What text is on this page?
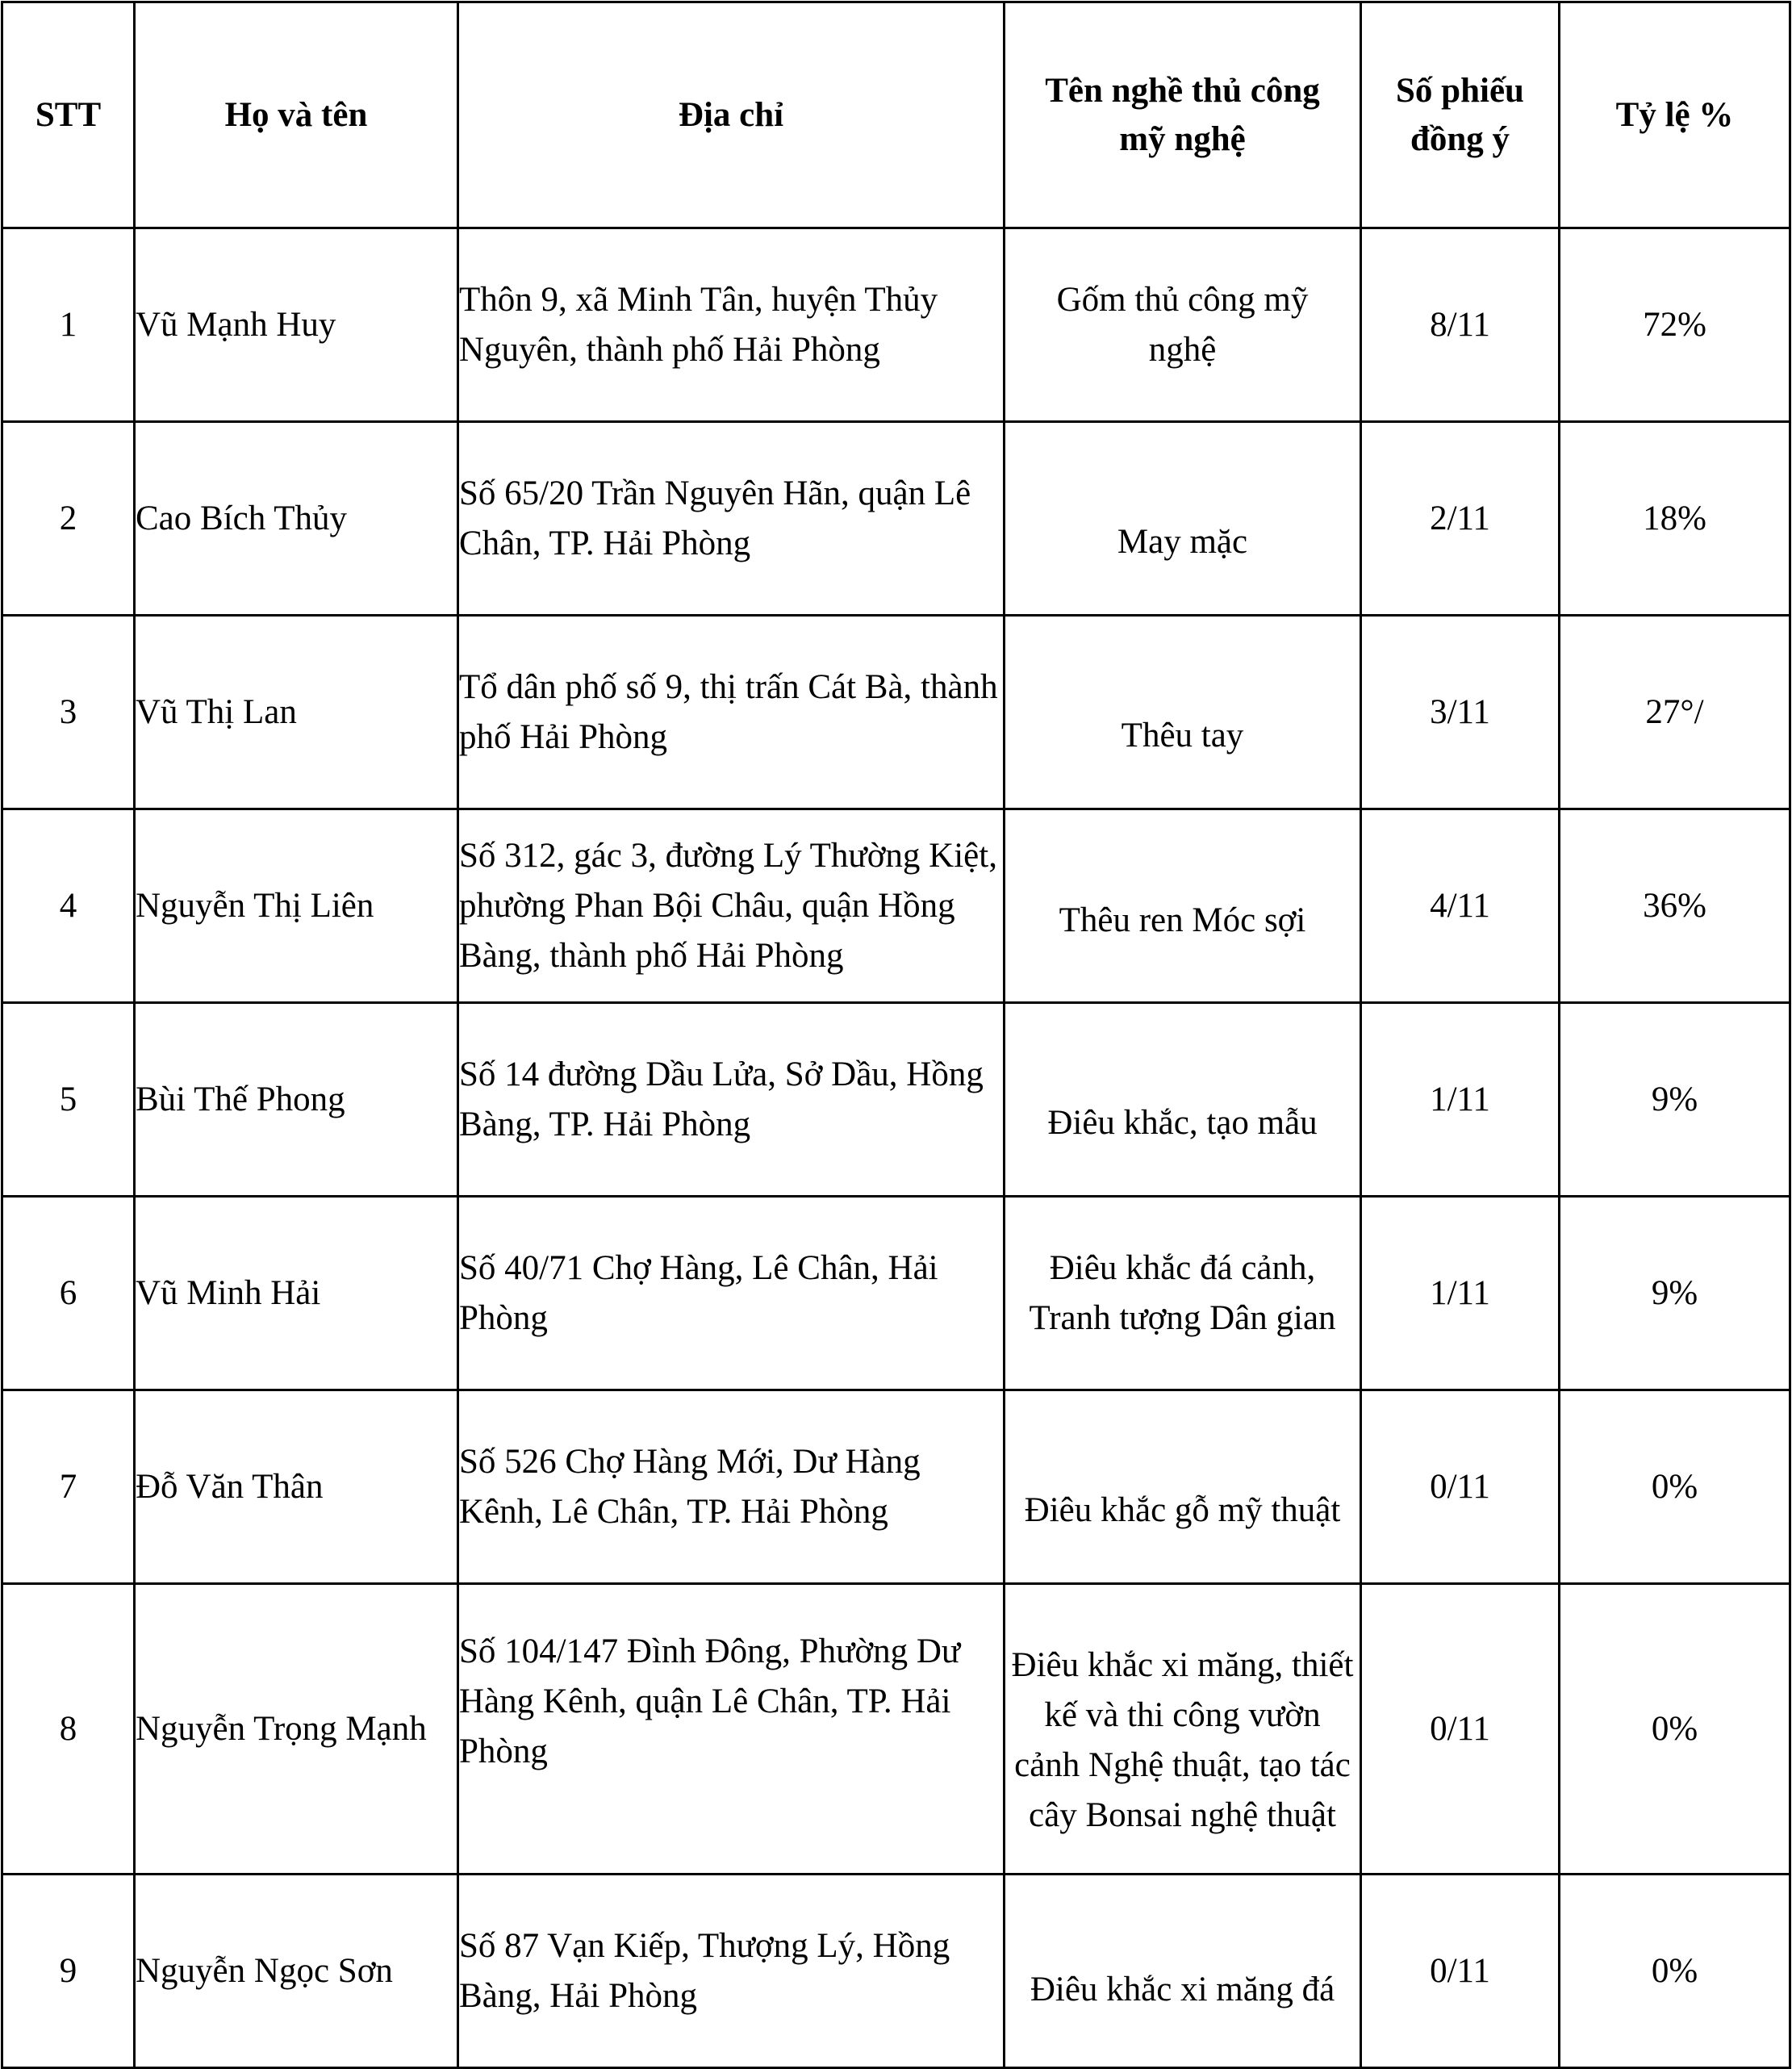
STT	Họ và tên	Địa chỉ	Tên nghề thủ công mỹ nghệ	Số phiếu đồng ý	Tỷ lệ %
1	Vũ Mạnh Huy	Thôn 9, xã Minh Tân, huyện Thủy Nguyên, thành phố Hải Phòng	Gốm thủ công mỹ nghệ	8/11	72%
2	Cao Bích Thủy	Số 65/20 Trần Nguyên Hãn, quận Lê Chân, TP. Hải Phòng	May mặc	2/11	18%
3	Vũ Thị Lan	Tổ dân phố số 9, thị trấn Cát Bà, thành phố Hải Phòng	Thêu tay	3/11	27°/
4	Nguyễn Thị Liên	Số 312, gác 3, đường Lý Thường Kiệt, phường Phan Bội Châu, quận Hồng Bàng, thành phố Hải Phòng	Thêu ren Móc sợi	4/11	36%
5	Bùi Thế Phong	Số 14 đường Dầu Lửa, Sở Dầu, Hồng Bàng, TP. Hải Phòng	Điêu khắc, tạo mẫu	1/11	9%
6	Vũ Minh Hải	Số 40/71 Chợ Hàng, Lê Chân, Hải Phòng	Điêu khắc đá cảnh, Tranh tượng Dân gian	1/11	9%
7	Đỗ Văn Thân	Số 526 Chợ Hàng Mới, Dư Hàng Kênh, Lê Chân, TP. Hải Phòng	Điêu khắc gỗ mỹ thuật	0/11	0%
8	Nguyễn Trọng Mạnh	Số 104/147 Đình Đông, Phường Dư Hàng Kênh, quận Lê Chân, TP. Hải Phòng	Điêu khắc xi măng, thiết kế và thi công vườn cảnh Nghệ thuật, tạo tác cây Bonsai nghệ thuật	0/11	0%
9	Nguyễn Ngọc Sơn	Số 87 Vạn Kiếp, Thượng Lý, Hồng Bàng, Hải Phòng	Điêu khắc xi măng đá	0/11	0%
